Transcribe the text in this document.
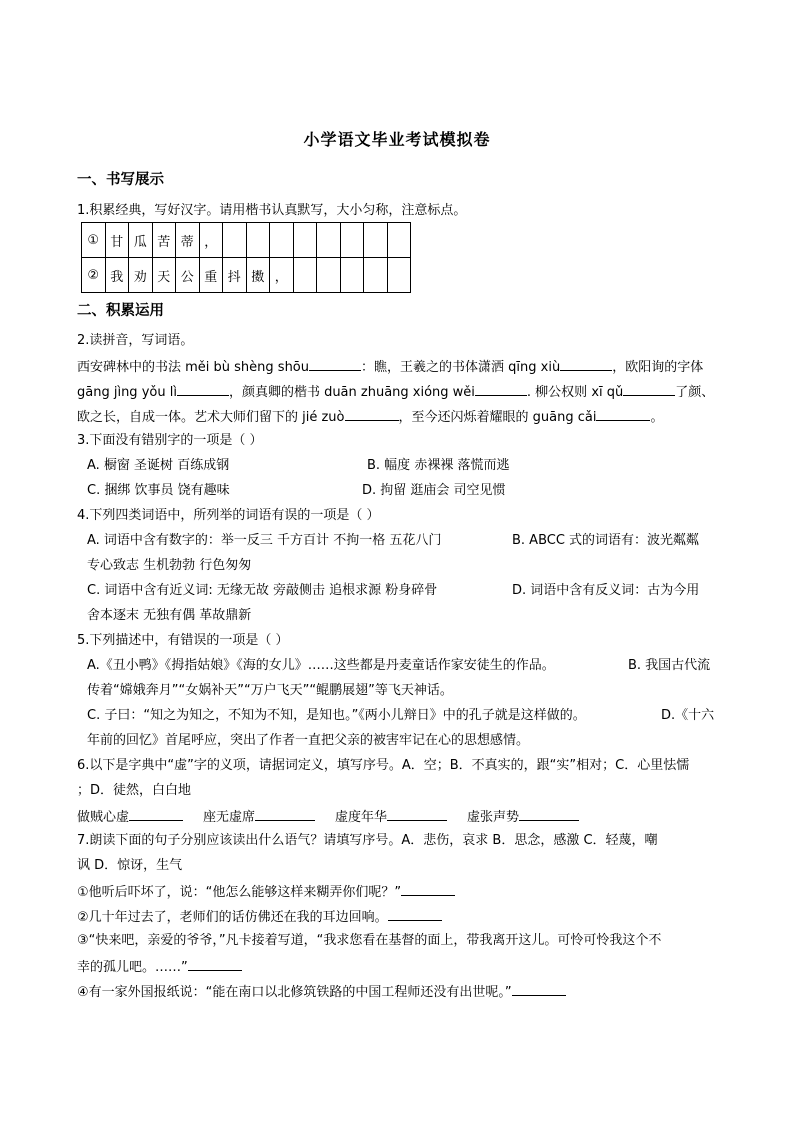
小学语文毕业考试模拟卷
一、书写展示
1.积累经典，写好汉字。请用楷书认真默写，大小匀称，注意标点。
①	甘	瓜	苦	蒂	，								
②	我	劝	天	公	重	抖	擞	，					
二、积累运用
2.读拼音，写词语。
西安碑林中的书法 měi bù shèng shōu	：瞧，王羲之的书体潇洒 qīng xiù	，欧阳询的字体
gāng jìng yǒu lì	，颜真卿的楷书 duān zhuāng xióng wěi	. 柳公权则 xī qǔ	了颜、
欧之长，自成一体。艺术大师们留下的 jié zuò	，至今还闪烁着耀眼的 guāng cǎi	。
3.下面没有错别字的一项是（ ）
A. 橱窗 圣诞树 百练成钢	B. 幅度 赤裸裸 落慌而逃
C. 捆绑 饮事员 饶有趣味	D. 拘留 逛庙会 司空见惯
4.下列四类词语中，所列举的词语有误的一项是（ ）
A. 词语中含有数字的：举一反三 千方百计 不拘一格 五花八门	B. ABCC 式的词语有：波光粼粼
专心致志 生机勃勃 行色匆匆
C. 词语中含有近义词: 无缘无故 旁敲侧击 追根求源 粉身碎骨	D. 词语中含有反义词：古为今用
舍本逐末 无独有偶 革故鼎新
5.下列描述中，有错误的一项是（ ）
A.《丑小鸭》《拇指姑娘》《海的女儿》……这些都是丹麦童话作家安徒生的作品。	B. 我国古代流
传着“嫦娥奔月”“女娲补天”“万户飞天”“鲲鹏展翅”等飞天神话。
C. 子曰：“知之为知之，不知为不知，是知也。”《两小儿辩日》中的孔子就是这样做的。	D.《十六
年前的回忆》首尾呼应，突出了作者一直把父亲的被害牢记在心的思想感情。
6.以下是字典中“虚”字的义项，请据词定义，填写序号。A．空；B．不真实的，跟“实”相对；C．心里怯懦
；D．徒然，白白地
做贼心虚	座无虚席	虚度年华	虚张声势
7.朗读下面的句子分别应该读出什么语气？请填写序号。A．悲伤，哀求 B．思念，感激 C．轻蔑，嘲
讽 D．惊讶，生气
①他听后吓坏了，说：“他怎么能够这样来糊弄你们呢？”
②几十年过去了，老师们的话仿佛还在我的耳边回响。
③“快来吧，亲爱的爷爷，”凡卡接着写道，“我求您看在基督的面上，带我离开这儿。可怜可怜我这个不
幸的孤儿吧。……”
④有一家外国报纸说：“能在南口以北修筑铁路的中国工程师还没有出世呢。”
